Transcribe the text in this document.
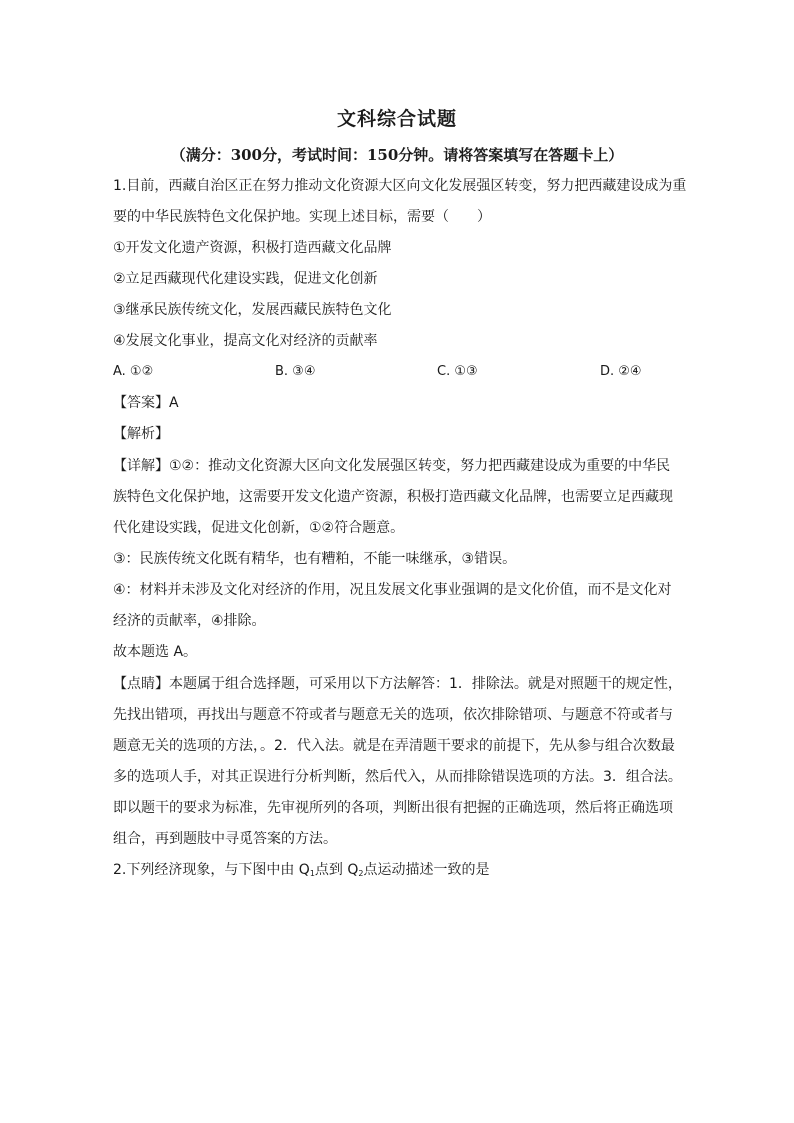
文科综合试题
（满分：300分，考试时间：150分钟。请将答案填写在答题卡上）
1.目前，西藏自治区正在努力推动文化资源大区向文化发展强区转变，努力把西藏建设成为重
要的中华民族特色文化保护地。实现上述目标，需要（　　）
①开发文化遗产资源，积极打造西藏文化品牌
②立足西藏现代化建设实践，促进文化创新
③继承民族传统文化，发展西藏民族特色文化
④发展文化事业，提高文化对经济的贡献率
A. ①②	B. ③④	C. ①③	D. ②④
【答案】A
【解析】
【详解】①②：推动文化资源大区向文化发展强区转变，努力把西藏建设成为重要的中华民
族特色文化保护地，这需要开发文化遗产资源，积极打造西藏文化品牌，也需要立足西藏现
代化建设实践，促进文化创新，①②符合题意。
③：民族传统文化既有精华，也有糟粕，不能一味继承，③错误。
④：材料并未涉及文化对经济的作用，况且发展文化事业强调的是文化价值，而不是文化对
经济的贡献率，④排除。
故本题选 A。
【点睛】本题属于组合选择题，可采用以下方法解答：1．排除法。就是对照题干的规定性，
先找出错项，再找出与题意不符或者与题意无关的选项，依次排除错项、与题意不符或者与
题意无关的选项的方法，。2．代入法。就是在弄清题干要求的前提下，先从参与组合次数最
多的选项人手，对其正误进行分析判断，然后代入，从而排除错误选项的方法。3．组合法。
即以题干的要求为标准，先审视所列的各项，判断出很有把握的正确选项，然后将正确选项
组合，再到题肢中寻觅答案的方法。
2.下列经济现象，与下图中由 $Q_1$点到 $Q_2$点运动描述一致的是
